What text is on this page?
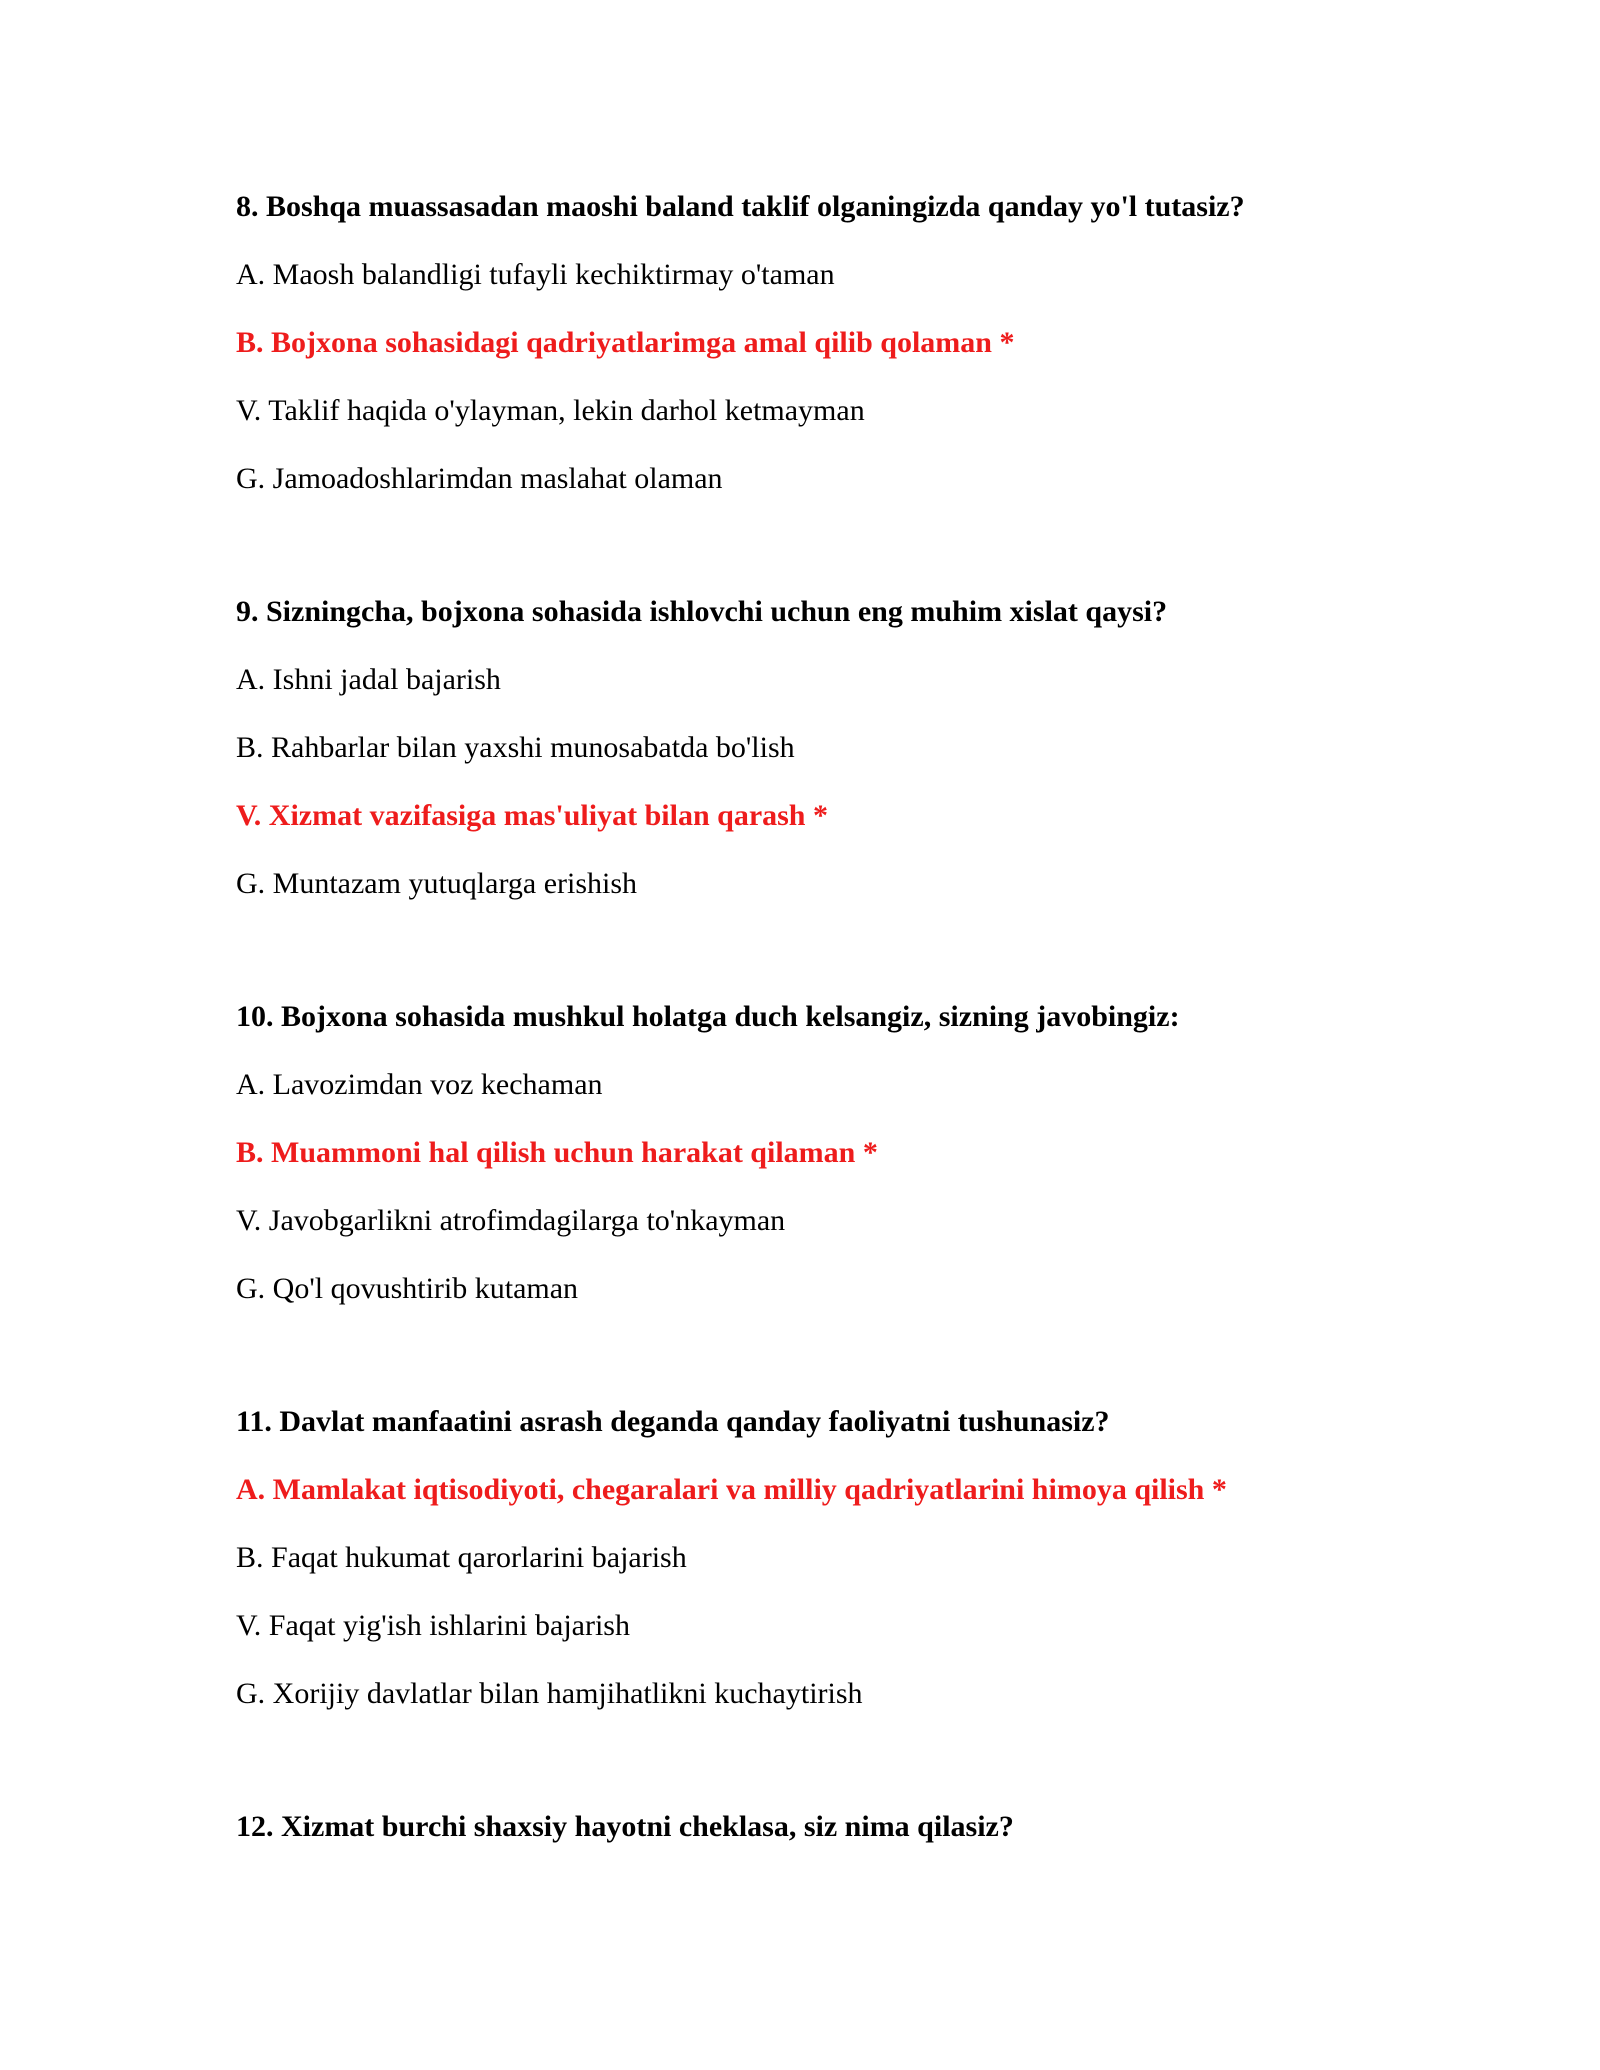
8. Boshqa muassasadan maoshi baland taklif olganingizda qanday yo'l tutasiz?
A. Maosh balandligi tufayli kechiktirmay o'taman
B. Bojxona sohasidagi qadriyatlarimga amal qilib qolaman *
V. Taklif haqida o'ylayman, lekin darhol ketmayman
G. Jamoadoshlarimdan maslahat olaman
9. Sizningcha, bojxona sohasida ishlovchi uchun eng muhim xislat qaysi?
A. Ishni jadal bajarish
B. Rahbarlar bilan yaxshi munosabatda bo'lish
V. Xizmat vazifasiga mas'uliyat bilan qarash *
G. Muntazam yutuqlarga erishish
10. Bojxona sohasida mushkul holatga duch kelsangiz, sizning javobingiz:
A. Lavozimdan voz kechaman
B. Muammoni hal qilish uchun harakat qilaman *
V. Javobgarlikni atrofimdagilarga to'nkayman
G. Qo'l qovushtirib kutaman
11. Davlat manfaatini asrash deganda qanday faoliyatni tushunasiz?
A. Mamlakat iqtisodiyoti, chegaralari va milliy qadriyatlarini himoya qilish *
B. Faqat hukumat qarorlarini bajarish
V. Faqat yig'ish ishlarini bajarish
G. Xorijiy davlatlar bilan hamjihatlikni kuchaytirish
12. Xizmat burchi shaxsiy hayotni cheklasa, siz nima qilasiz?
